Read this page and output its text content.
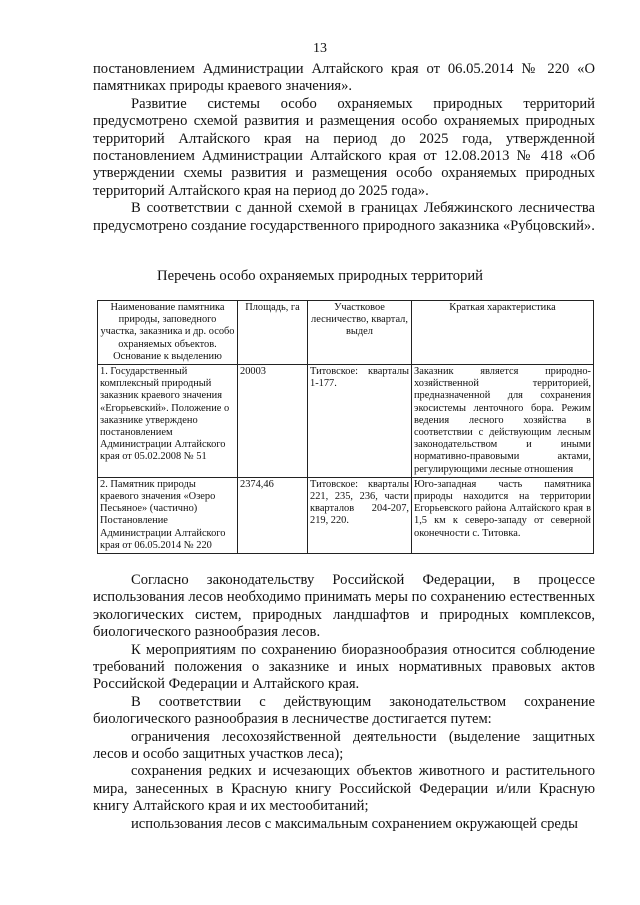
13

постановлением Администрации Алтайского края от 06.05.2014 № 220 «О памятниках природы краевого значения».

Развитие системы особо охраняемых природных территорий предусмотрено схемой развития и размещения особо охраняемых природных территорий Алтайского края на период до 2025 года, утвержденной постановлением Администрации Алтайского края от 12.08.2013 № 418 «Об утверждении схемы развития и размещения особо охраняемых природных территорий Алтайского края на период до 2025 года».

В соответствии с данной схемой в границах Лебяжинского лесничества предусмотрено создание государственного природного заказника «Рубцовский».

Перечень особо охраняемых природных территорий
Наименование памятника природы, заповедного участка, заказника и др. особо охраняемых объектов. Основание к выделению	Площадь, га	Участковое лесничество, квартал, выдел	Краткая характеристика
1. Государственный комплексный природный заказник краевого значения «Егорьевский». Положение о заказнике утверждено постановлением Администрации Алтайского края от 05.02.2008 № 51	20003	Титовское: кварталы 1-177.	Заказник является природно-хозяйственной территорией, предназначенной для сохранения экосистемы ленточного бора. Режим ведения лесного хозяйства в соответствии с действующим лесным законодательством и иными нормативно-правовыми актами, регулирующими лесные отношения
2. Памятник природы краевого значения «Озеро Песьяное» (частично) Постановление Администрации Алтайского края от 06.05.2014 № 220	2374,46	Титовское: кварталы 221, 235, 236, части кварталов 204-207, 219, 220.	Юго-западная часть памятника природы находится на территории Егорьевского района Алтайского края в 1,5 км к северо-западу от северной оконечности с. Титовка.

Согласно законодательству Российской Федерации, в процессе использования лесов необходимо принимать меры по сохранению естественных экологических систем, природных ландшафтов и природных комплексов, биологического разнообразия лесов.

К мероприятиям по сохранению биоразнообразия относится соблюдение требований положения о заказнике и иных нормативных правовых актов Российской Федерации и Алтайского края.

В соответствии с действующим законодательством сохранение биологического разнообразия в лесничестве достигается путем:

ограничения лесохозяйственной деятельности (выделение защитных лесов и особо защитных участков леса);

сохранения редких и исчезающих объектов животного и растительного мира, занесенных в Красную книгу Российской Федерации и/или Красную книгу Алтайского края и их местообитаний;

использования лесов с максимальным сохранением окружающей среды
